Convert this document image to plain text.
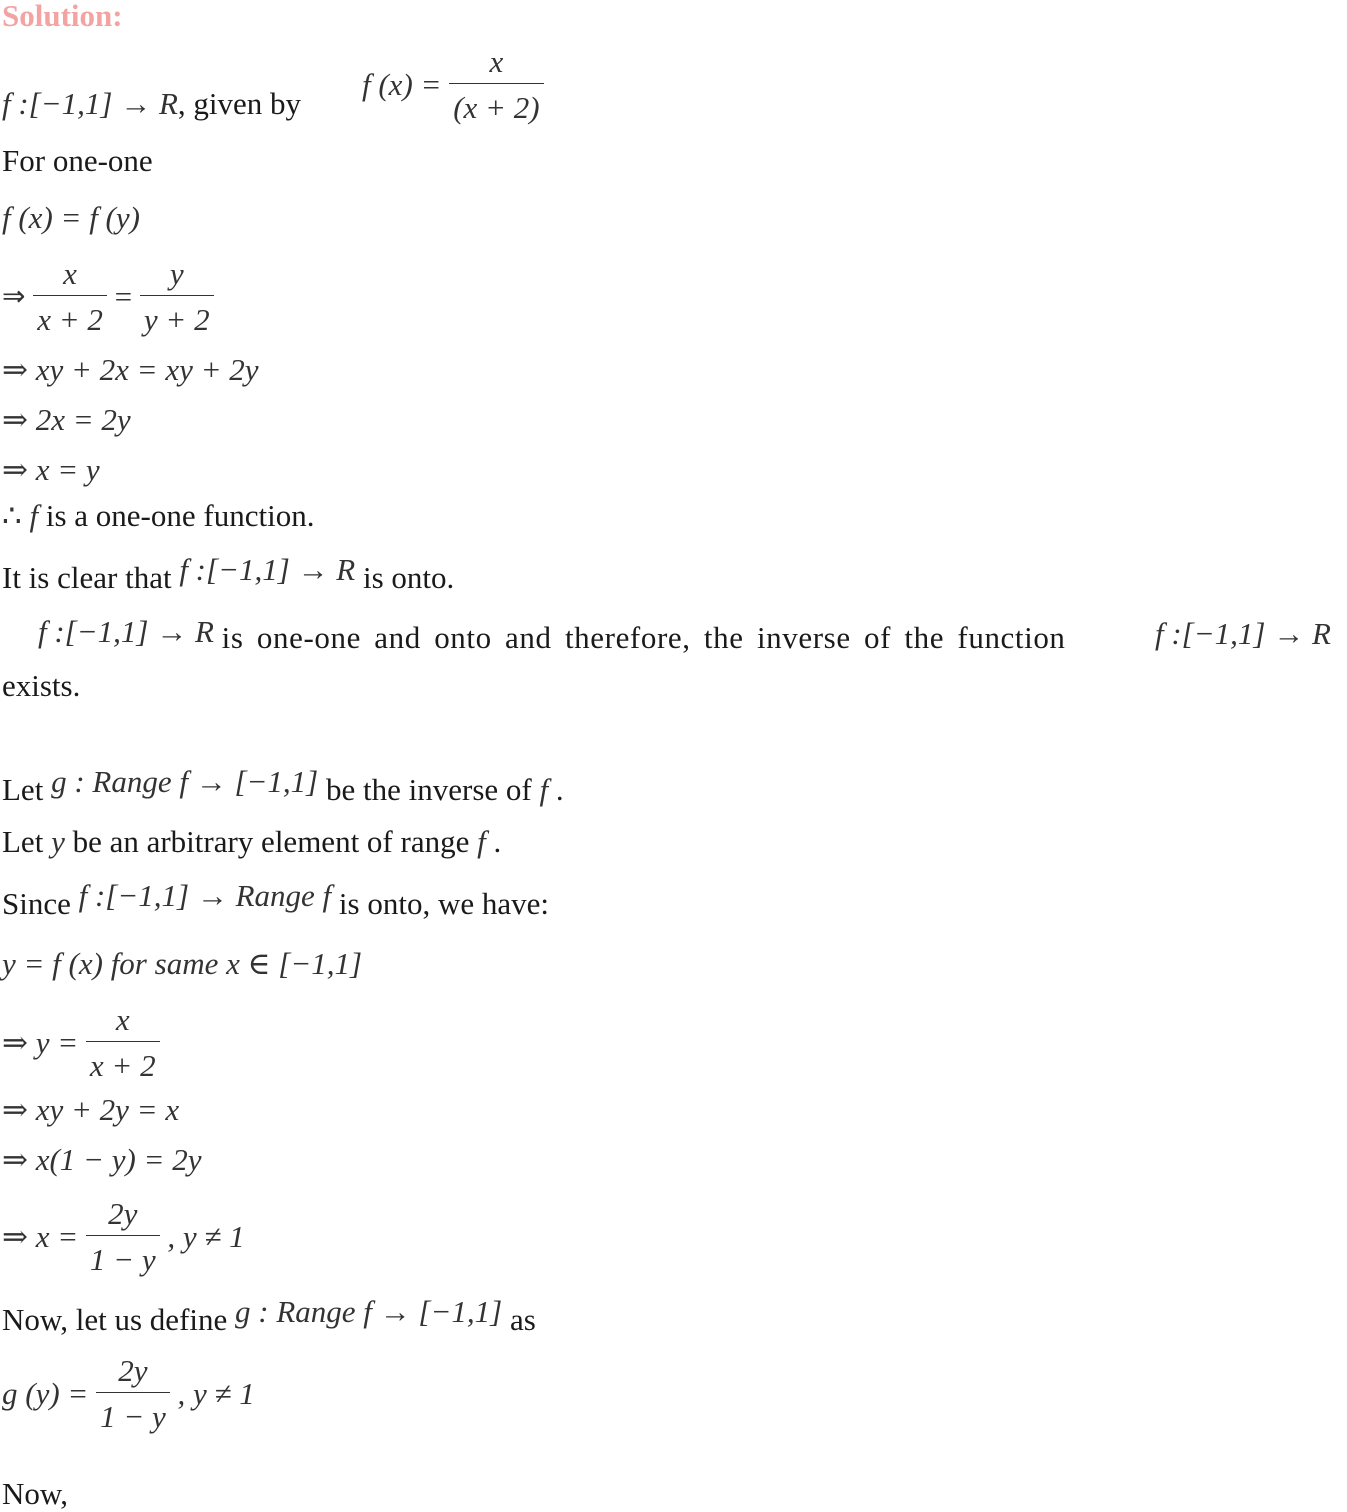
Solution:
f :[−1,1] → R, given by
f $(x) = \frac{x}{(x + 2)}$
For one-one
f (x) = f (y)
⇒ $\frac{x}{x + 2} = \frac{y}{y + 2}$
⇒ xy + 2x = xy + 2y
⇒ 2x = 2y
⇒ x = y
∴ f is a one-one function.
It is clear that f :[−1,1] → R is onto.
f :[−1,1] → R is one-one and onto and therefore, the inverse of the function	f :[−1,1] → R
exists.
Let g : Range f → [−1,1] be the inverse of f .
Let y be an arbitrary element of range f .
Since f :[−1,1] → Range f is onto, we have:
y = f (x) for same x ∈ [−1,1]
⇒ $y = \frac{x}{x + 2}$
⇒ xy + 2y = x
⇒ x(1 − y) = 2y
⇒ $x = \frac{2y}{1 - y}$ , y ≠ 1
Now, let us define g : Range f → [−1,1] as
g $(y) = \frac{2y}{1 - y}$ , y ≠ 1
Now,
